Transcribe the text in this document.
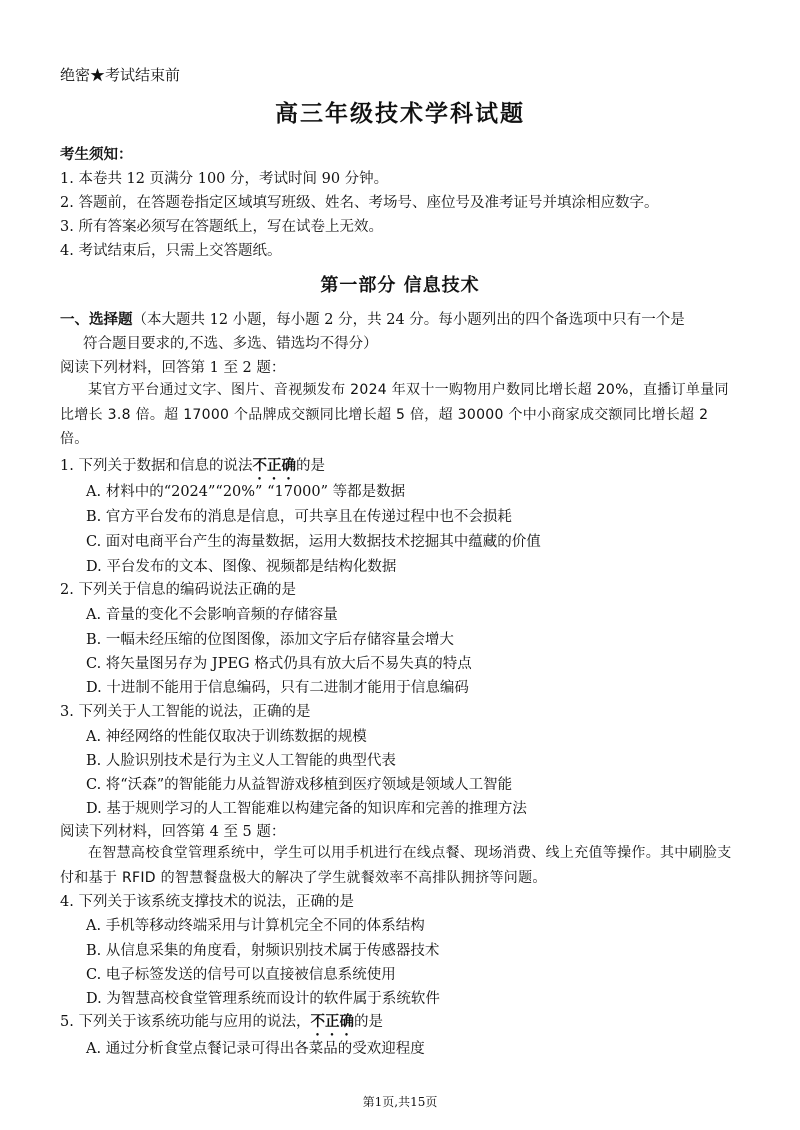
绝密★考试结束前
高三年级技术学科试题
考生须知：
1. 本卷共 12 页满分 100 分，考试时间 90 分钟。
2. 答题前，在答题卷指定区域填写班级、姓名、考场号、座位号及准考证号并填涂相应数字。
3. 所有答案必须写在答题纸上，写在试卷上无效。
4. 考试结束后，只需上交答题纸。
第一部分 信息技术
一、选择题（本大题共 12 小题，每小题 2 分，共 24 分。每小题列出的四个备选项中只有一个是
符合题目要求的,不选、多选、错选均不得分）
阅读下列材料，回答第 1 至 2 题：
某官方平台通过文字、图片、音视频发布 2024 年双十一购物用户数同比增长超 20%，直播订单量同比增长 3.8 倍。超 17000 个品牌成交额同比增长超 5 倍，超 30000 个中小商家成交额同比增长超 2 倍。
1. 下列关于数据和信息的说法不正确的是
A. 材料中的“2024”“20%” “17000” 等都是数据
B. 官方平台发布的消息是信息，可共享且在传递过程中也不会损耗
C. 面对电商平台产生的海量数据，运用大数据技术挖掘其中蕴藏的价值
D. 平台发布的文本、图像、视频都是结构化数据
2. 下列关于信息的编码说法正确的是
A. 音量的变化不会影响音频的存储容量
B. 一幅未经压缩的位图图像，添加文字后存储容量会增大
C. 将矢量图另存为 JPEG 格式仍具有放大后不易失真的特点
D. 十进制不能用于信息编码，只有二进制才能用于信息编码
3. 下列关于人工智能的说法，正确的是
A. 神经网络的性能仅取决于训练数据的规模
B. 人脸识别技术是行为主义人工智能的典型代表
C. 将“沃森”的智能能力从益智游戏移植到医疗领域是领域人工智能
D. 基于规则学习的人工智能难以构建完备的知识库和完善的推理方法
阅读下列材料，回答第 4 至 5 题：
在智慧高校食堂管理系统中，学生可以用手机进行在线点餐、现场消费、线上充值等操作。其中刷脸支付和基于 RFID 的智慧餐盘极大的解决了学生就餐效率不高排队拥挤等问题。
4. 下列关于该系统支撑技术的说法，正确的是
A. 手机等移动终端采用与计算机完全不同的体系结构
B. 从信息采集的角度看，射频识别技术属于传感器技术
C. 电子标签发送的信号可以直接被信息系统使用
D. 为智慧高校食堂管理系统而设计的软件属于系统软件
5. 下列关于该系统功能与应用的说法，不正确的是
A. 通过分析食堂点餐记录可得出各菜品的受欢迎程度
第1页,共15页
